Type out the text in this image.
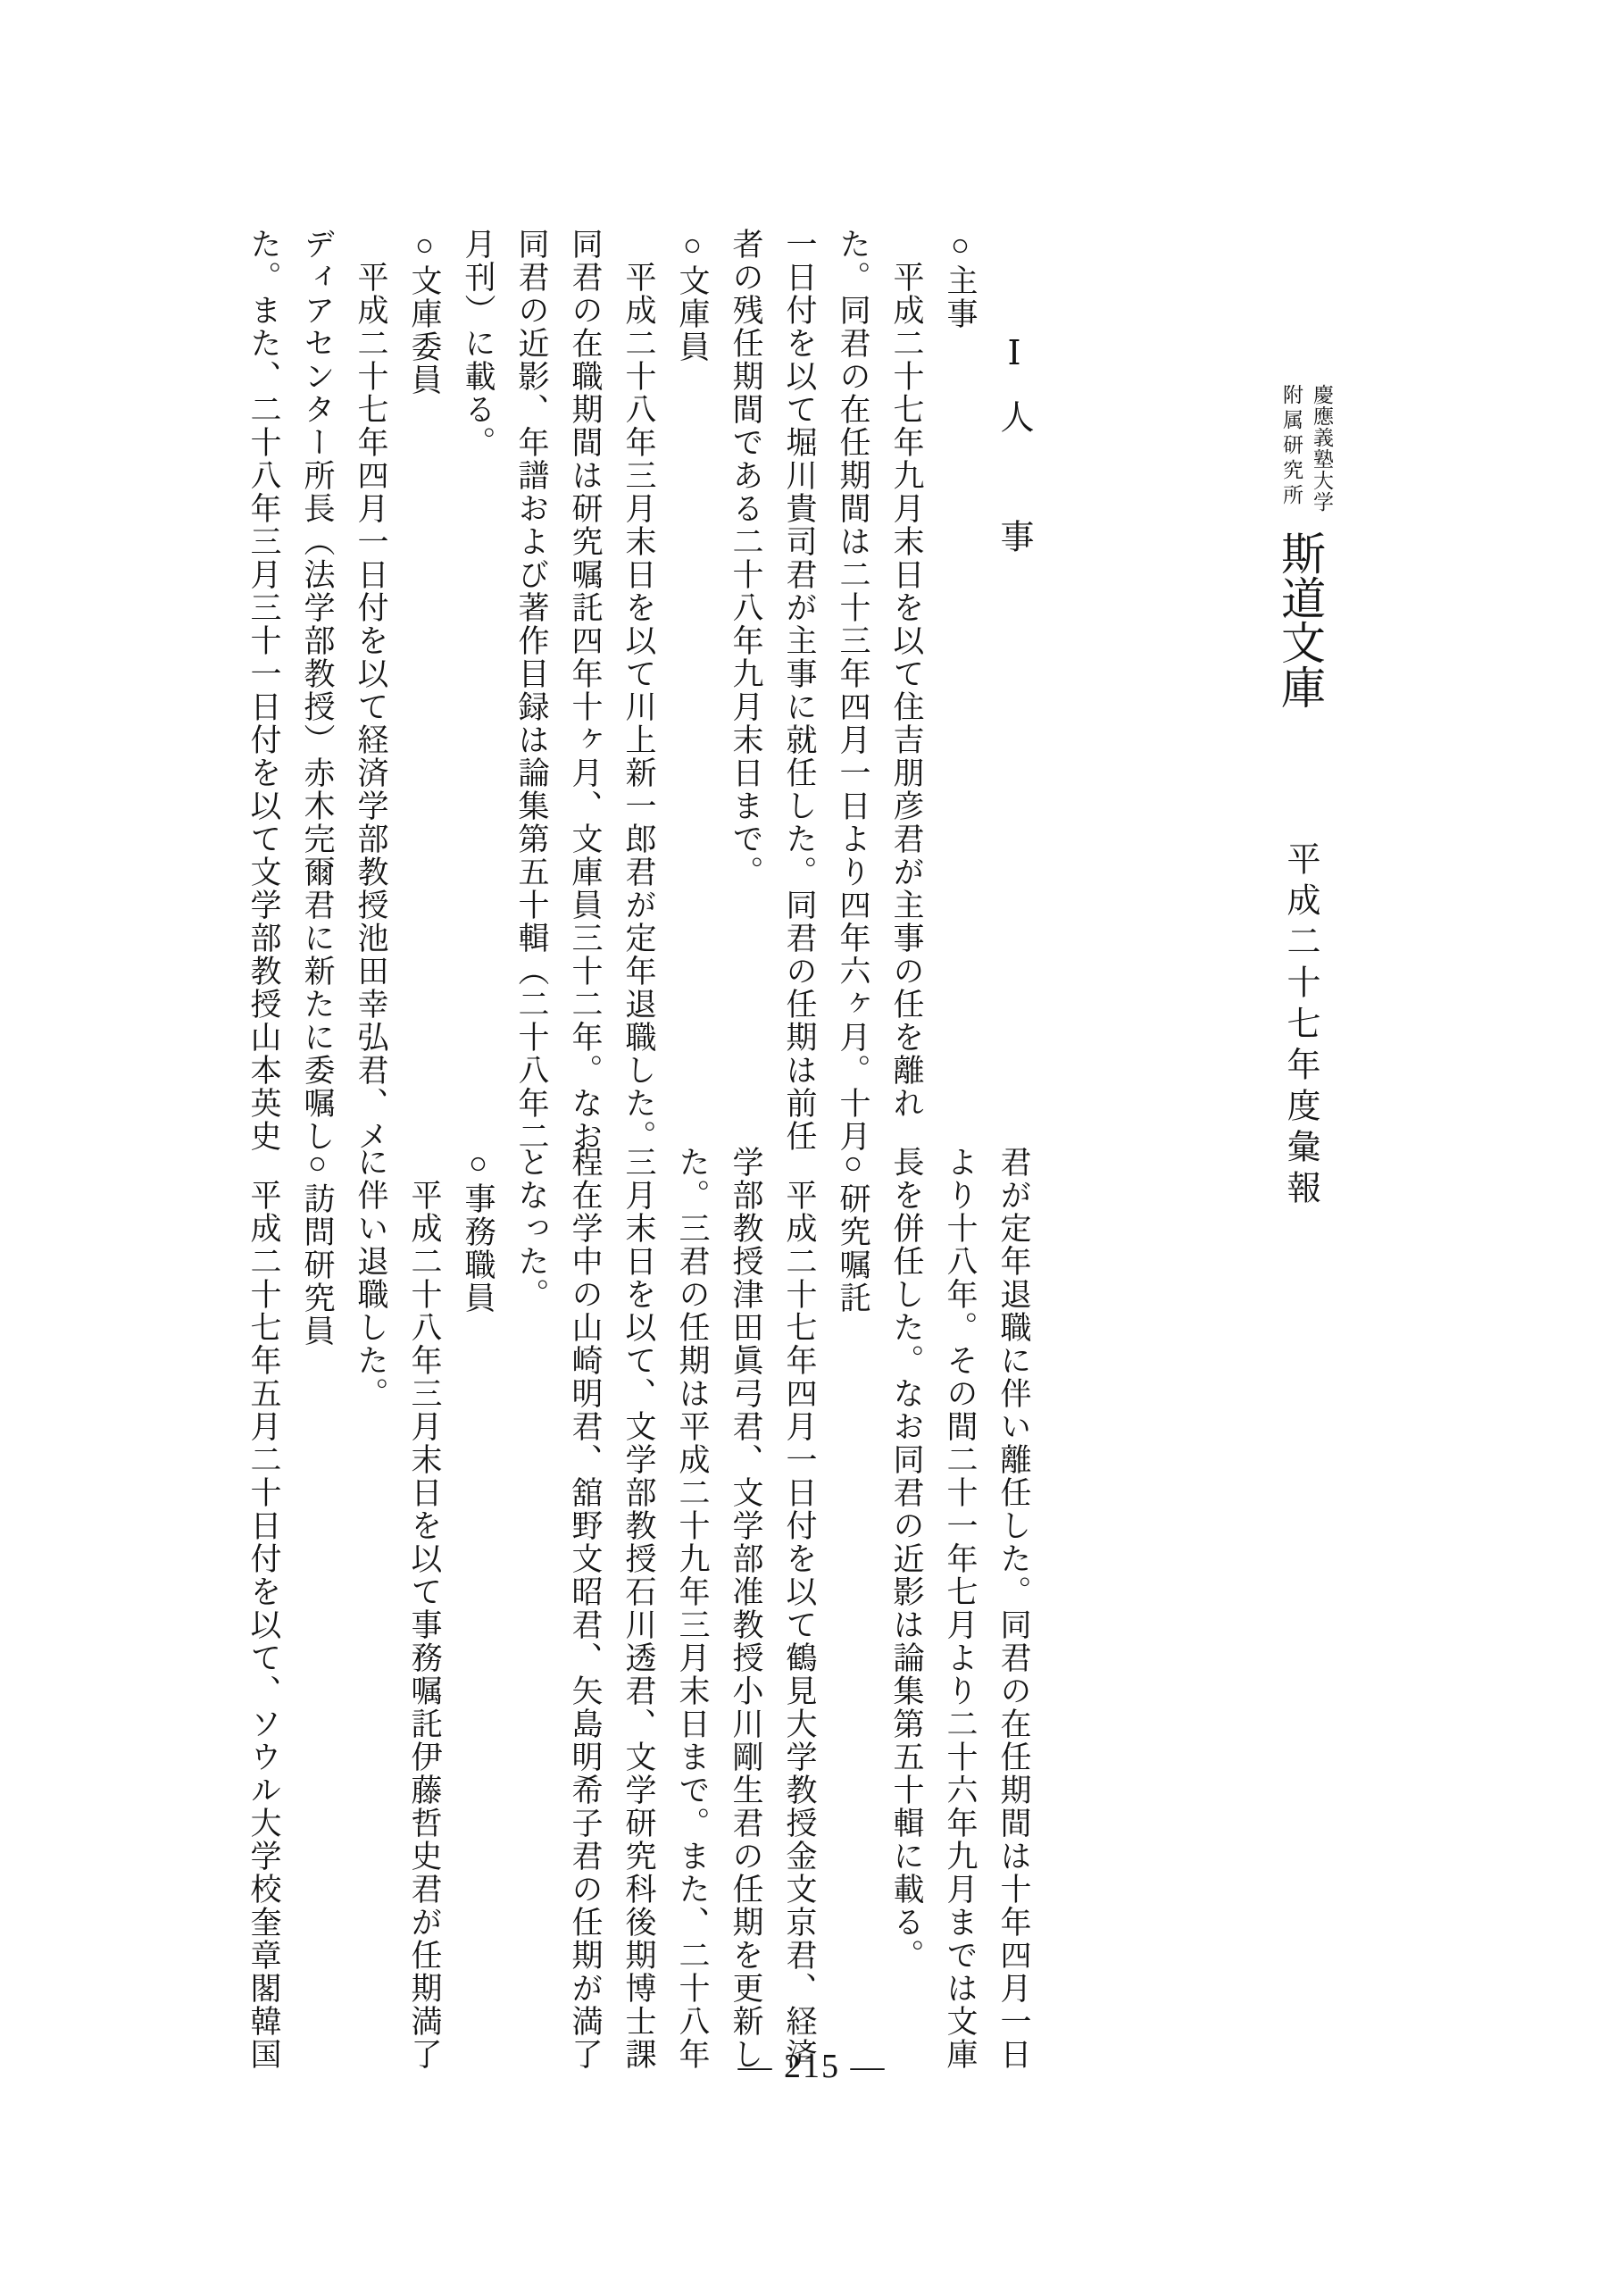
慶應義塾大学
附属研究所
斯道文庫平成二十七年度彙報

Ⅰ人事

○主事

平成二十七年九月末日を以て住吉朋彦君が主事の任を離れた。同君の在任期間は二十三年四月一日より四年六ヶ月。十月一日付を以て堀川貴司君が主事に就任した。同君の任期は前任者の残任期間である二十八年九月末日まで。

○文庫員

平成二十八年三月末日を以て川上新一郎君が定年退職した。同君の在職期間は研究嘱託四年十ヶ月、文庫員三十二年。なお同君の近影、年譜および著作目録は論集第五十輯（二十八年二月刊）に載る。

○文庫委員

平成二十七年四月一日付を以て経済学部教授池田幸弘君、メディアセンター所長（法学部教授）赤木完爾君に新たに委嘱した。また、二十八年三月三十一日付を以て文学部教授山本英史

君が定年退職に伴い離任した。同君の在任期間は十年四月一日より十八年。その間二十一年七月より二十六年九月までは文庫長を併任した。なお同君の近影は論集第五十輯に載る。

○研究嘱託

平成二十七年四月一日付を以て鶴見大学教授金文京君、経済学部教授津田眞弓君、文学部准教授小川剛生君の任期を更新した。三君の任期は平成二十九年三月末日まで。また、二十八年三月末日を以て、文学部教授石川透君、文学研究科後期博士課程在学中の山崎明君、舘野文昭君、矢島明希子君の任期が満了となった。

○事務職員

平成二十八年三月末日を以て事務嘱託伊藤哲史君が任期満了に伴い退職した。

○訪問研究員

平成二十七年五月二十日付を以て、ソウル大学校奎章閣韓国	— 215 —
